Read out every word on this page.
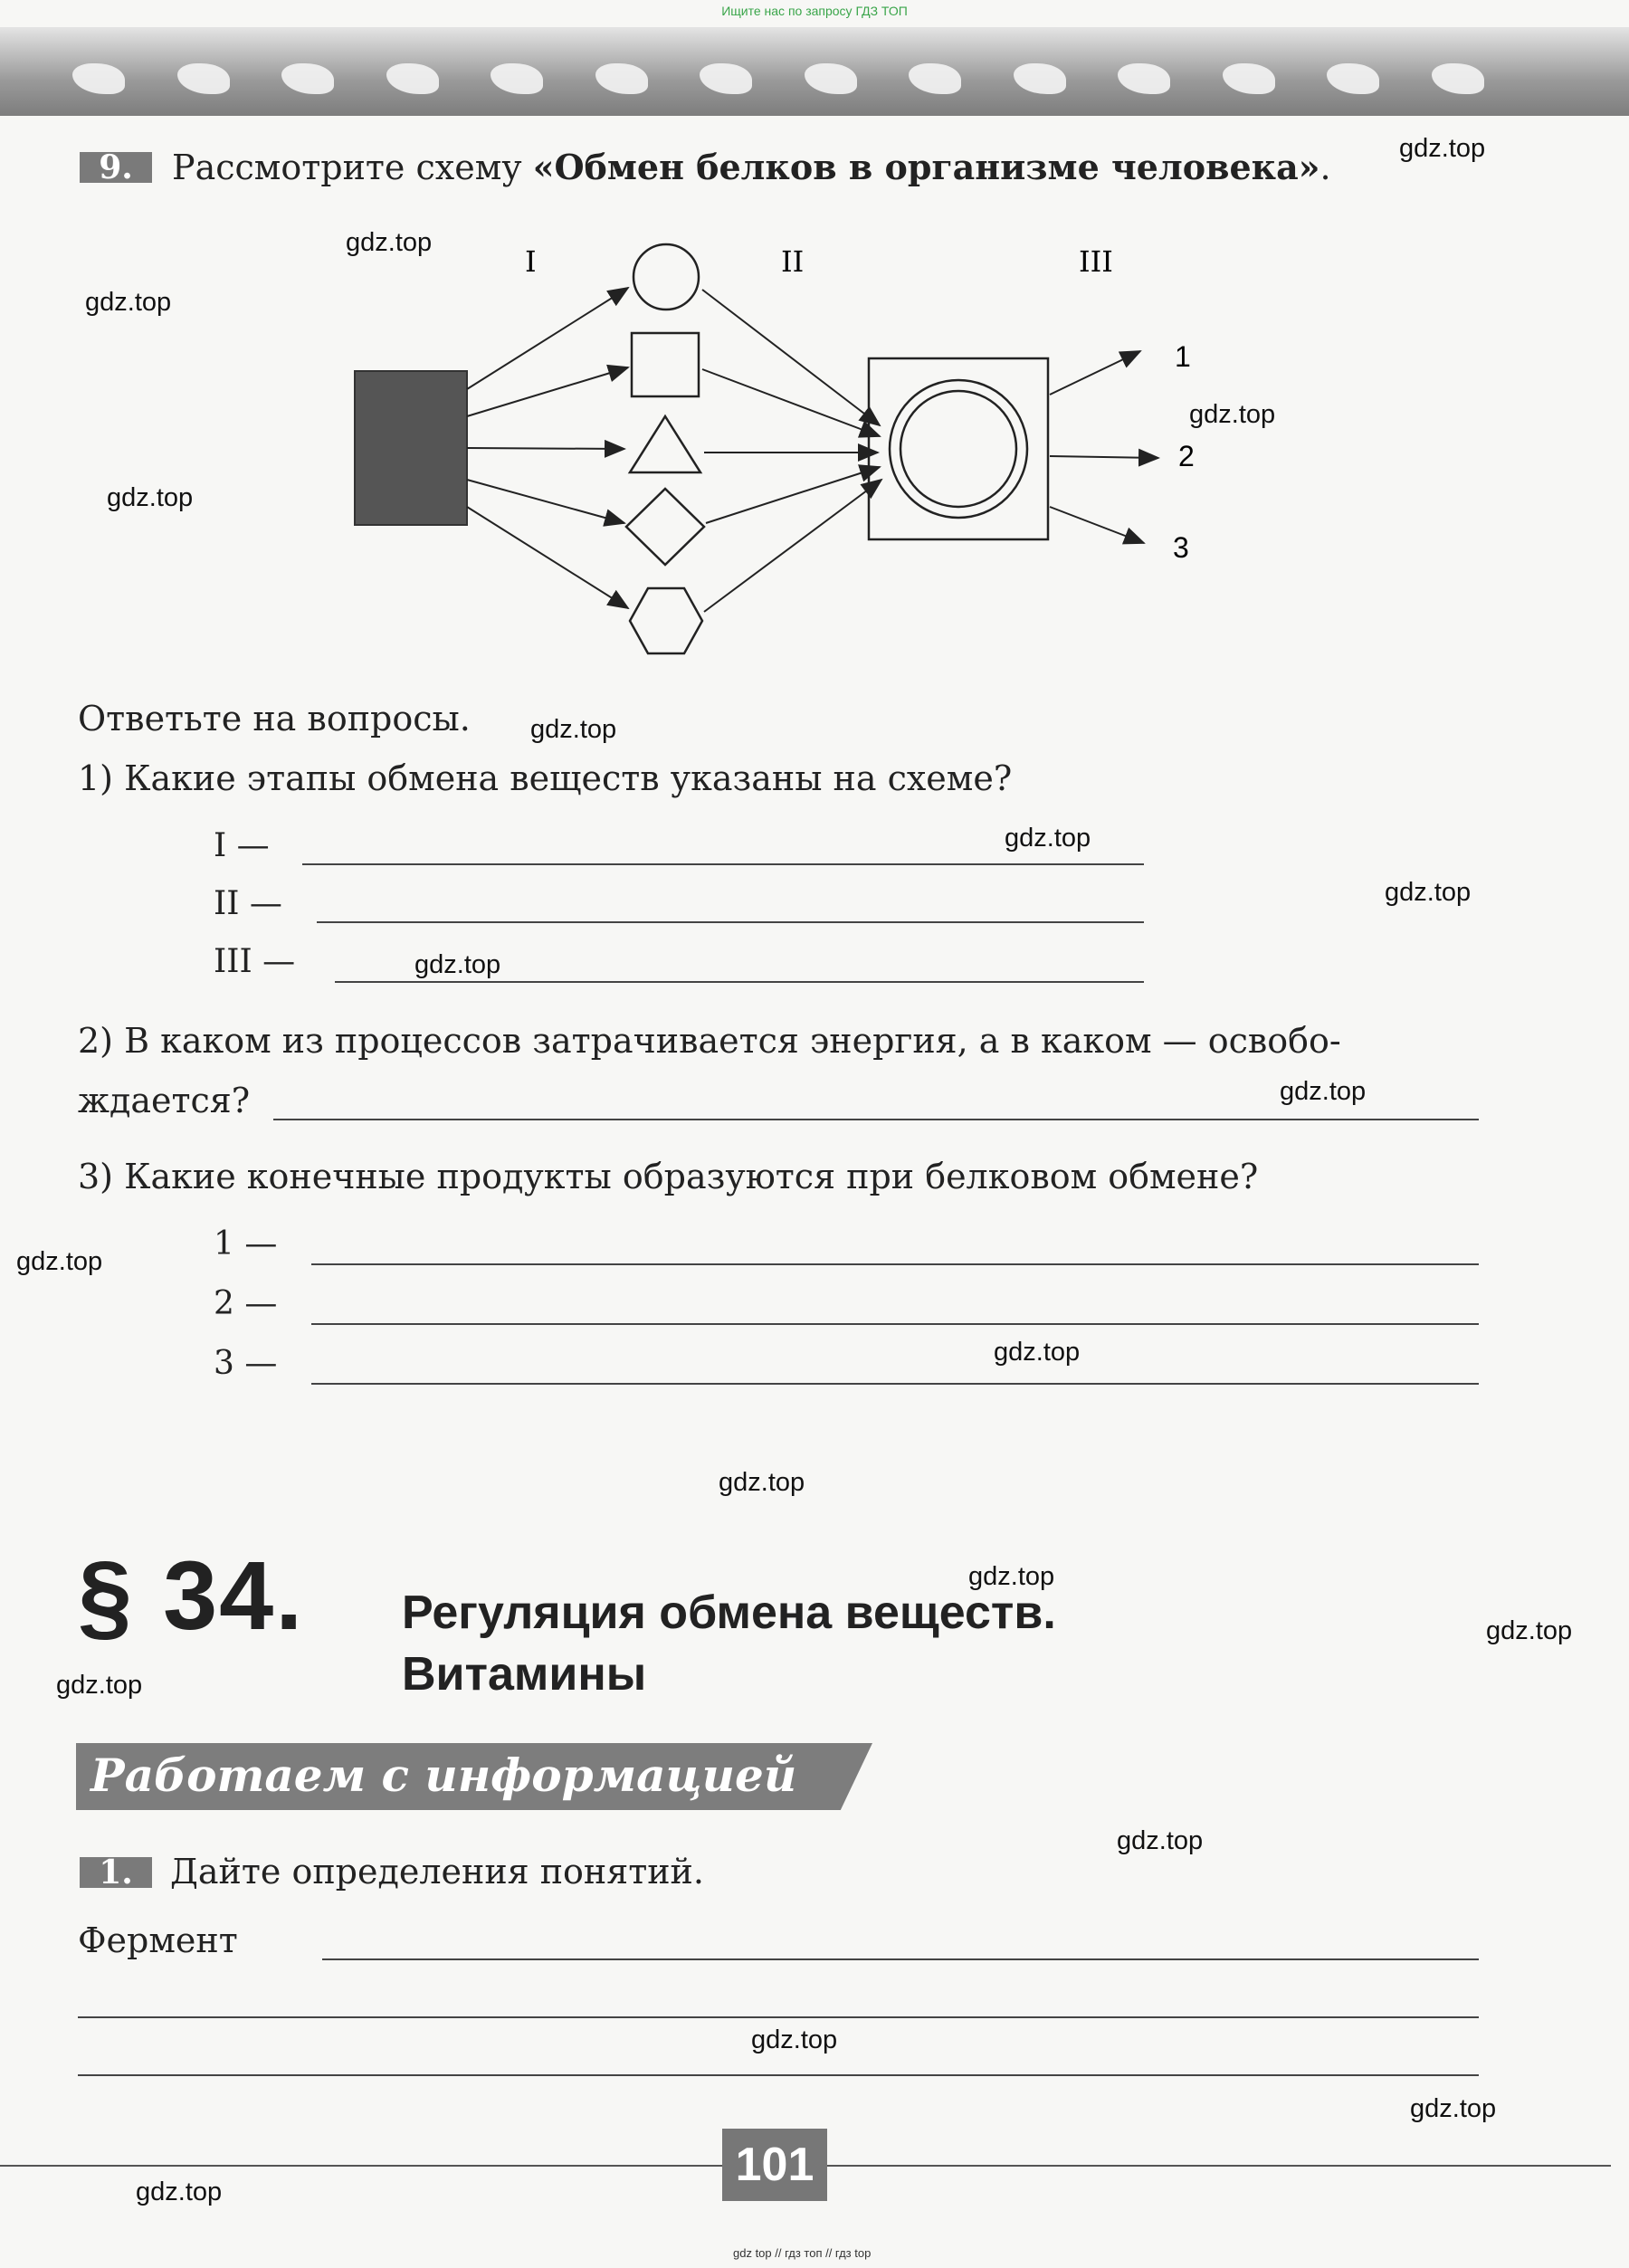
Ищите нас по запросу ГДЗ ТОП
9.	Рассмотрите схему «Обмен белков в организме человека».
I	II	III
1
2
3
Ответьте на вопросы.
1) Какие этапы обмена веществ указаны на схеме?
I —
II —
III —
2) В каком из процессов затрачивается энергия, а в каком — освобо-
ждается?
3) Какие конечные продукты образуются при белковом обмене?
1 —
2 —
3 —
§ 34. Регуляция обмена веществ.
Витамины
Работаем с информацией
1.	Дайте определения понятий.
Фермент
101
gdz top // гдз топ // гдз top
gdz.top
gdz.top
gdz.top
gdz.top
gdz.top
gdz.top
gdz.top
gdz.top
gdz.top
gdz.top
gdz.top
gdz.top
gdz.top
gdz.top
gdz.top
gdz.top
gdz.top
gdz.top
gdz.top
gdz.top
